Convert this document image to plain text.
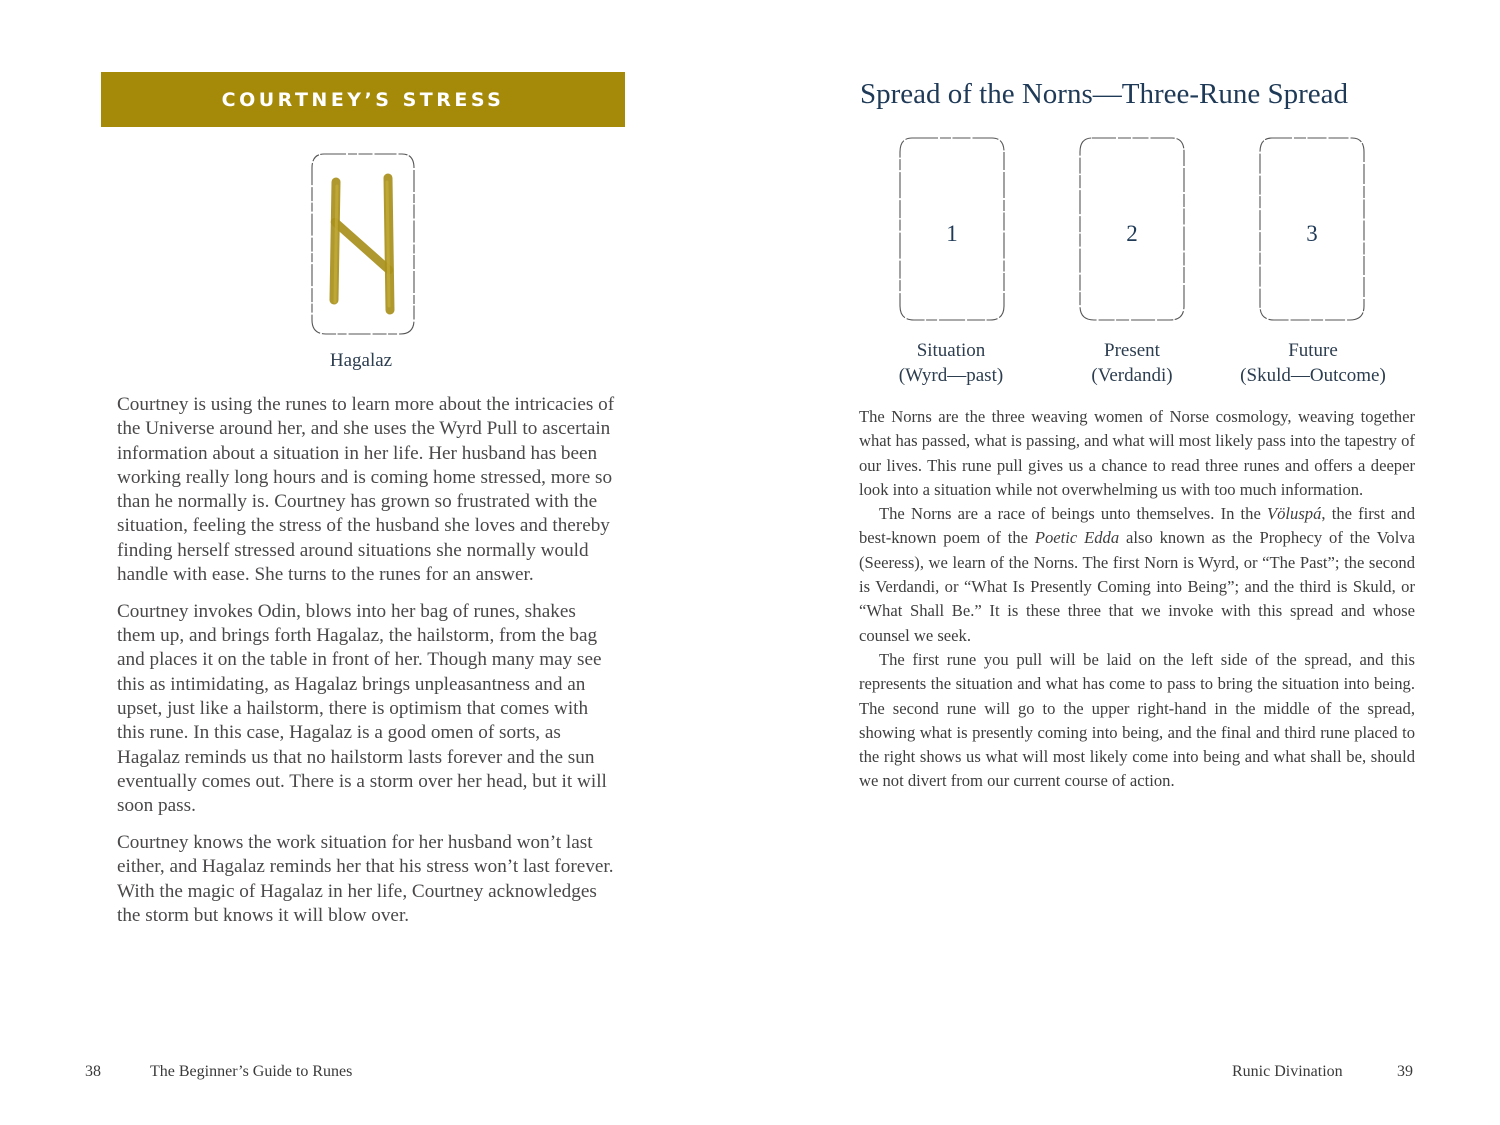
COURTNEY’S STRESS
Hagalaz

Courtney is using the runes to learn more about the intricacies of the Universe around her, and she uses the Wyrd Pull to ascertain information about a situation in her life. Her husband has been working really long hours and is coming home stressed, more so than he normally is. Courtney has grown so frustrated with the situation, feeling the stress of the husband she loves and thereby finding herself stressed around situations she normally would handle with ease. She turns to the runes for an answer.

Courtney invokes Odin, blows into her bag of runes, shakes them up, and brings forth Hagalaz, the hailstorm, from the bag and places it on the table in front of her. Though many may see this as intimidating, as Hagalaz brings unpleasantness and an upset, just like a hailstorm, there is optimism that comes with this rune. In this case, Hagalaz is a good omen of sorts, as Hagalaz reminds us that no hailstorm lasts forever and the sun eventually comes out. There is a storm over her head, but it will soon pass.

Courtney knows the work situation for her husband won’t last either, and Hagalaz reminds her that his stress won’t last forever. With the magic of Hagalaz in her life, Courtney acknowledges the storm but knows it will blow over.

38	The Beginner’s Guide to Runes
Spread of the Norns—Three-Rune Spread
1	2	3
Situation
(Wyrd—past)
Present
(Verdandi)
Future
(Skuld—Outcome)

The Norns are the three weaving women of Norse cosmology, weaving together what has passed, what is passing, and what will most likely pass into the tapestry of our lives. This rune pull gives us a chance to read three runes and offers a deeper look into a situation while not overwhelming us with too much information.

The Norns are a race of beings unto themselves. In the Völuspá, the first and best-known poem of the Poetic Edda also known as the Prophecy of the Volva (Seeress), we learn of the Norns. The first Norn is Wyrd, or “The Past”; the second is Verdandi, or “What Is Presently Coming into Being”; and the third is Skuld, or “What Shall Be.” It is these three that we invoke with this spread and whose counsel we seek.

The first rune you pull will be laid on the left side of the spread, and this represents the situation and what has come to pass to bring the situation into being. The second rune will go to the upper right-hand in the middle of the spread, showing what is presently coming into being, and the final and third rune placed to the right shows us what will most likely come into being and what shall be, should we not divert from our current course of action.

Runic Divination	39
